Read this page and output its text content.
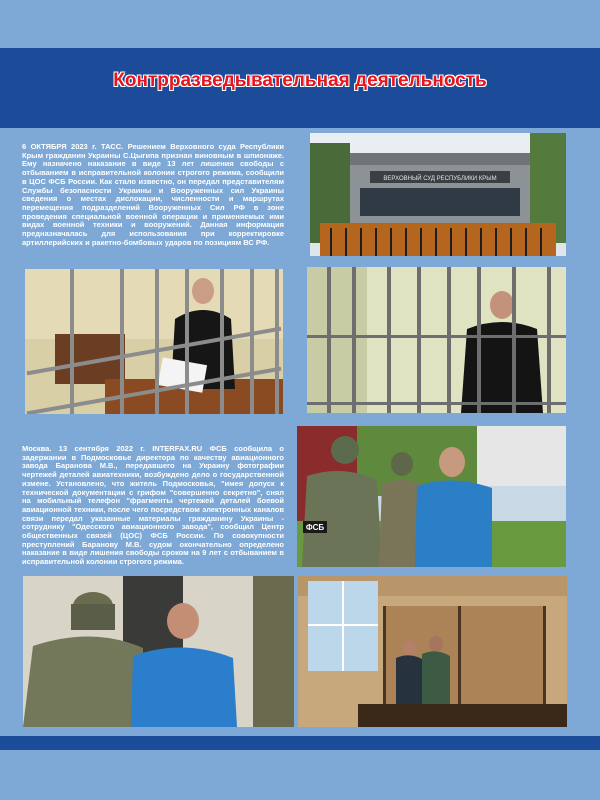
Контрразведывательная деятельность
6 ОКТЯБРЯ 2023 г. ТАСС. Решением Верховного суда Республики Крым гражданин Украины С.Цыгипа признан виновным в шпионаже. Ему назначено наказание в виде 13 лет лишения свободы с отбыванием в исправительной колонии строгого режима, сообщили в ЦОС ФСБ России. Как стало известно, он передал представителям Службы безопасности Украины и Вооруженных сил Украины сведения о местах дислокации, численности и маршрутах перемещения подразделений Вооруженных Сил РФ в зоне проведения специальной военной операции и применяемых ими видах военной техники и вооружений. Данная информация предназначалась для использования при корректировке артиллерийских и ракетно-бомбовых ударов по позициям ВС РФ.
Москва. 13 сентября 2022 г. INTERFAX.RU ФСБ сообщила о задержании в Подмосковье директора по качеству авиационного завода Баранова М.В., передавшего на Украину фотографии чертежей деталей авиатехники, возбуждено дело о государственной измене. Установлено, что житель Подмосковья, "имея допуск к технической документации с грифом "совершенно секретно", снял на мобильный телефон "фрагменты чертежей деталей боевой авиационной техники, после чего посредством электронных каналов связи передал указанные материалы гражданину Украины - сотруднику "Одесского авиационного завода", сообщил Центр общественных связей (ЦОС) ФСБ России. По совокупности преступлений Баранову М.В. судом окончательно определено наказание в виде лишения свободы сроком на 9 лет с отбыванием в исправительной колонии строгого режима.
ВЕРХОВНЫЙ СУД РЕСПУБЛИКИ КРЫМ
ФСБ
